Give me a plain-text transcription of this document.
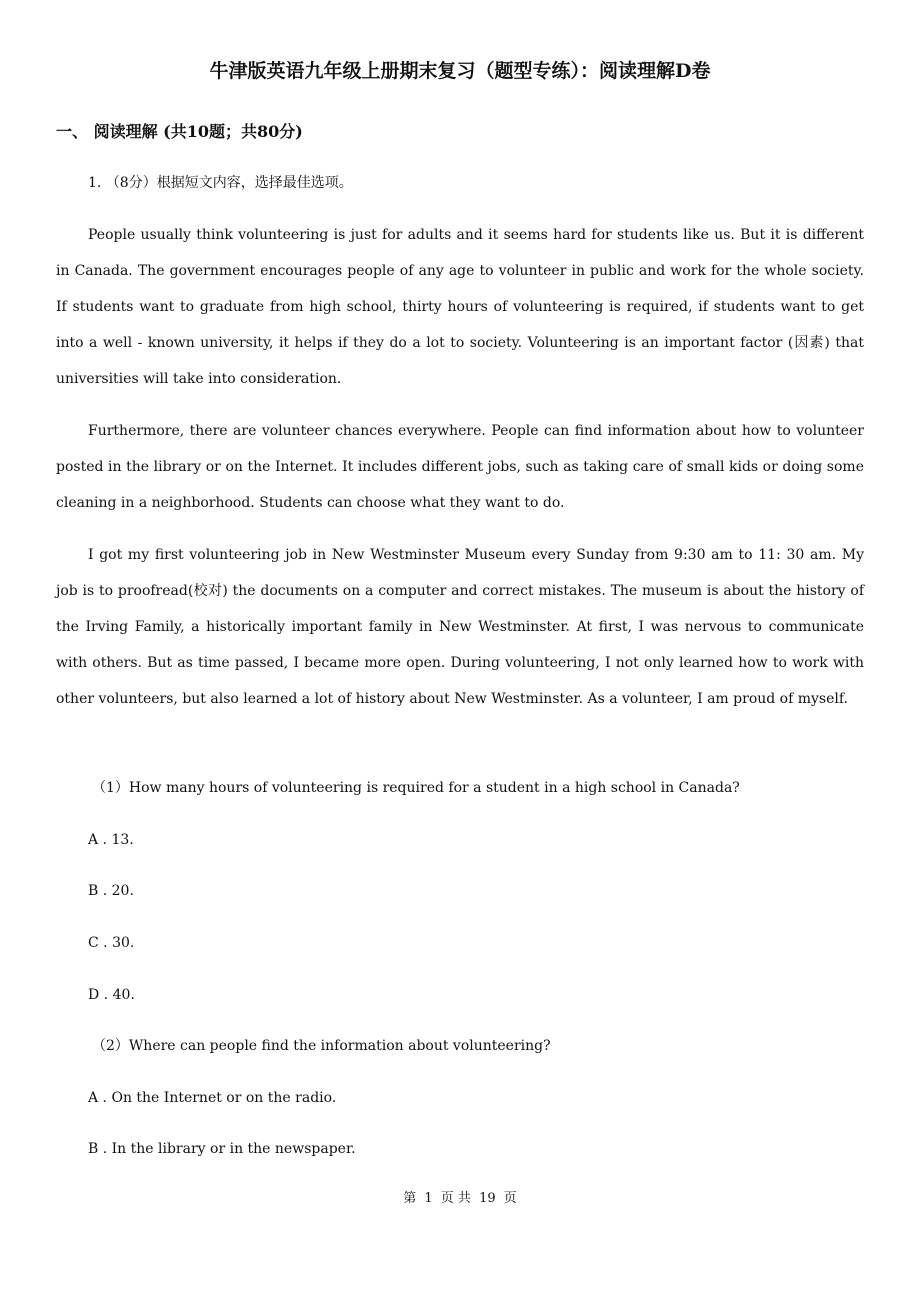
牛津版英语九年级上册期末复习（题型专练）：阅读理解D卷
一、 阅读理解 (共10题；共80分)
1. （8分）根据短文内容，选择最佳选项。

People usually think volunteering is just for adults and it seems hard for students like us. But it is different in Canada. The government encourages people of any age to volunteer in public and work for the whole society. If students want to graduate from high school, thirty hours of volunteering is required, if students want to get into a well - known university, it helps if they do a lot to society. Volunteering is an important factor (因素) that universities will take into consideration.

Furthermore, there are volunteer chances everywhere. People can find information about how to volunteer posted in the library or on the Internet. It includes different jobs, such as taking care of small kids or doing some cleaning in a neighborhood. Students can choose what they want to do.

I got my first volunteering job in New Westminster Museum every Sunday from 9:30 am to 11: 30 am. My job is to proofread(校对) the documents on a computer and correct mistakes. The museum is about the history of the Irving Family, a historically important family in New Westminster. At first, I was nervous to communicate with others. But as time passed, I became more open. During volunteering, I not only learned how to work with other volunteers, but also learned a lot of history about New Westminster. As a volunteer, I am proud of myself.

（1）How many hours of volunteering is required for a student in a high school in Canada?
A . 13.
B . 20.
C . 30.
D . 40.
（2）Where can people find the information about volunteering?
A . On the Internet or on the radio.
B . In the library or in the newspaper.
第 1 页 共 19 页
